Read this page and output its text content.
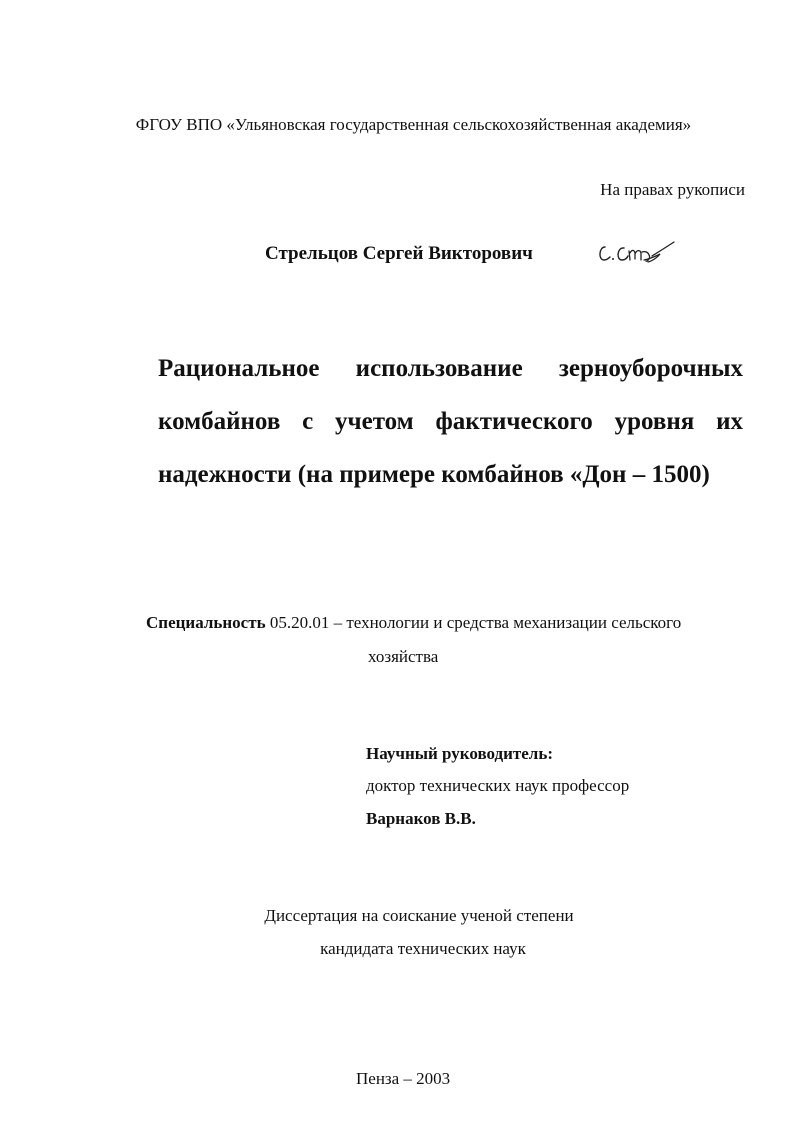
ФГОУ ВПО «Ульяновская государственная сельскохозяйственная академия»
На правах рукописи
Стрельцов Сергей Викторович
Рациональное использование зерноуборочных
комбайнов с учетом фактического уровня их
надежности (на примере комбайнов «Дон – 1500)
Специальность 05.20.01 – технологии и средства механизации сельского
хозяйства
Научный руководитель:
доктор технических наук профессор
Варнаков В.В.
Диссертация на соискание ученой степени
кандидата технических наук
Пенза – 2003
